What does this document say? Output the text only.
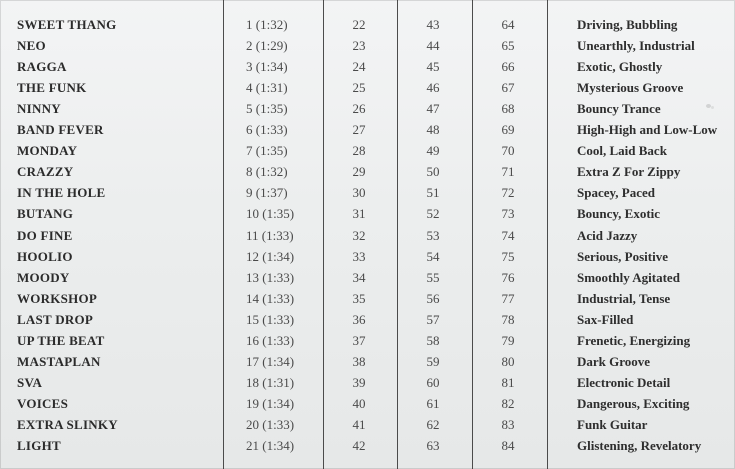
SWEET THANG	1 (1:32)	22	43	64	Driving, Bubbling
NEO	2 (1:29)	23	44	65	Unearthly, Industrial
RAGGA	3 (1:34)	24	45	66	Exotic, Ghostly
THE FUNK	4 (1:31)	25	46	67	Mysterious Groove
NINNY	5 (1:35)	26	47	68	Bouncy Trance
BAND FEVER	6 (1:33)	27	48	69	High-High and Low-Low
MONDAY	7 (1:35)	28	49	70	Cool, Laid Back
CRAZZY	8 (1:32)	29	50	71	Extra Z For Zippy
IN THE HOLE	9 (1:37)	30	51	72	Spacey, Paced
BUTANG	10 (1:35)	31	52	73	Bouncy, Exotic
DO FINE	11 (1:33)	32	53	74	Acid Jazzy
HOOLIO	12 (1:34)	33	54	75	Serious, Positive
MOODY	13 (1:33)	34	55	76	Smoothly Agitated
WORKSHOP	14 (1:33)	35	56	77	Industrial, Tense
LAST DROP	15 (1:33)	36	57	78	Sax-Filled
UP THE BEAT	16 (1:33)	37	58	79	Frenetic, Energizing
MASTAPLAN	17 (1:34)	38	59	80	Dark Groove
SVA	18 (1:31)	39	60	81	Electronic Detail
VOICES	19 (1:34)	40	61	82	Dangerous, Exciting
EXTRA SLINKY	20 (1:33)	41	62	83	Funk Guitar
LIGHT	21 (1:34)	42	63	84	Glistening, Revelatory
